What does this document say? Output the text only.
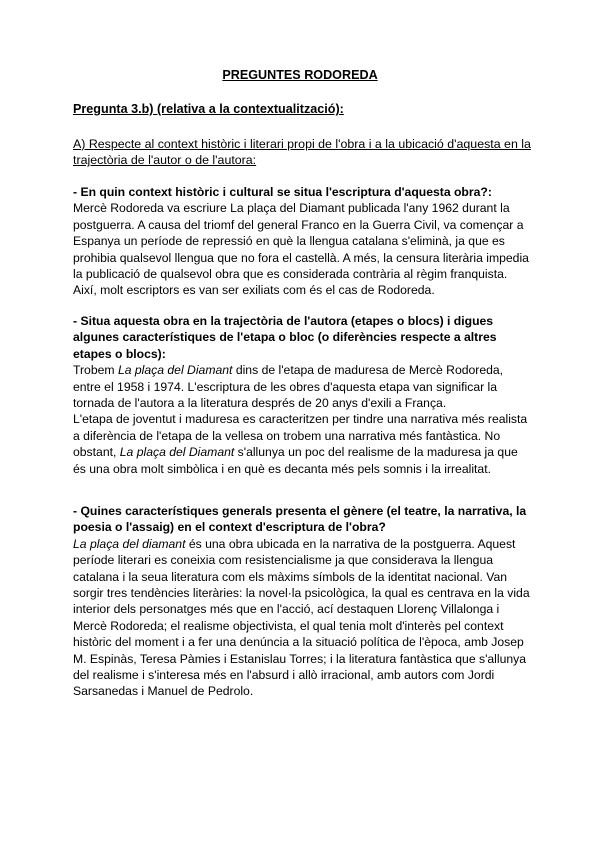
PREGUNTES RODOREDA
Pregunta 3.b) (relativa a la contextualització):
A) Respecte al context històric i literari propi de l'obra i a la ubicació d'aquesta en la trajectòria de l'autor o de l'autora:
- En quin context històric i cultural se situa l'escriptura d'aquesta obra?:
Mercè Rodoreda va escriure La plaça del Diamant publicada l'any 1962 durant la postguerra. A causa del triomf del general Franco en la Guerra Civil, va començar a Espanya un període de repressió en què la llengua catalana s'eliminà, ja que es prohibia qualsevol llengua que no fora el castellà. A més, la censura literària impedia la publicació de qualsevol obra que es considerada contrària al règim franquista. Així, molt escriptors es van ser exiliats com és el cas de Rodoreda.
- Situa aquesta obra en la trajectòria de l'autora (etapes o blocs) i digues algunes característiques de l'etapa o bloc (o diferències respecte a altres etapes o blocs):
Trobem La plaça del Diamant dins de l'etapa de maduresa de Mercè Rodoreda, entre el 1958 i 1974. L'escriptura de les obres d'aquesta etapa van significar la tornada de l'autora a la literatura després de 20 anys d'exili a França.
L'etapa de joventut i maduresa es caracteritzen per tindre una narrativa més realista a diferència de l'etapa de la vellesa on trobem una narrativa més fantàstica. No obstant, La plaça del Diamant s'allunya un poc del realisme de la maduresa ja que és una obra molt simbòlica i en què es decanta més pels somnis i la irrealitat.
- Quines característiques generals presenta el gènere (el teatre, la narrativa, la poesia o l'assaig) en el context d'escriptura de l'obra?
La plaça del diamant és una obra ubicada en la narrativa de la postguerra. Aquest període literari es coneixia com resistencialisme ja que considerava la llengua catalana i la seua literatura com els màxims símbols de la identitat nacional. Van sorgir tres tendències literàries: la novel·la psicològica, la qual es centrava en la vida interior dels personatges més que en l'acció, ací destaquen Llorenç Villalonga i Mercè Rodoreda; el realisme objectivista, el qual tenia molt d'interès pel context històric del moment i a fer una denúncia a la situació política de l'època, amb Josep M. Espinàs, Teresa Pàmies i Estanislau Torres; i la literatura fantàstica que s'allunya del realisme i s'interesa més en l'absurd i allò irracional, amb autors com Jordi Sarsanedas i Manuel de Pedrolo.
